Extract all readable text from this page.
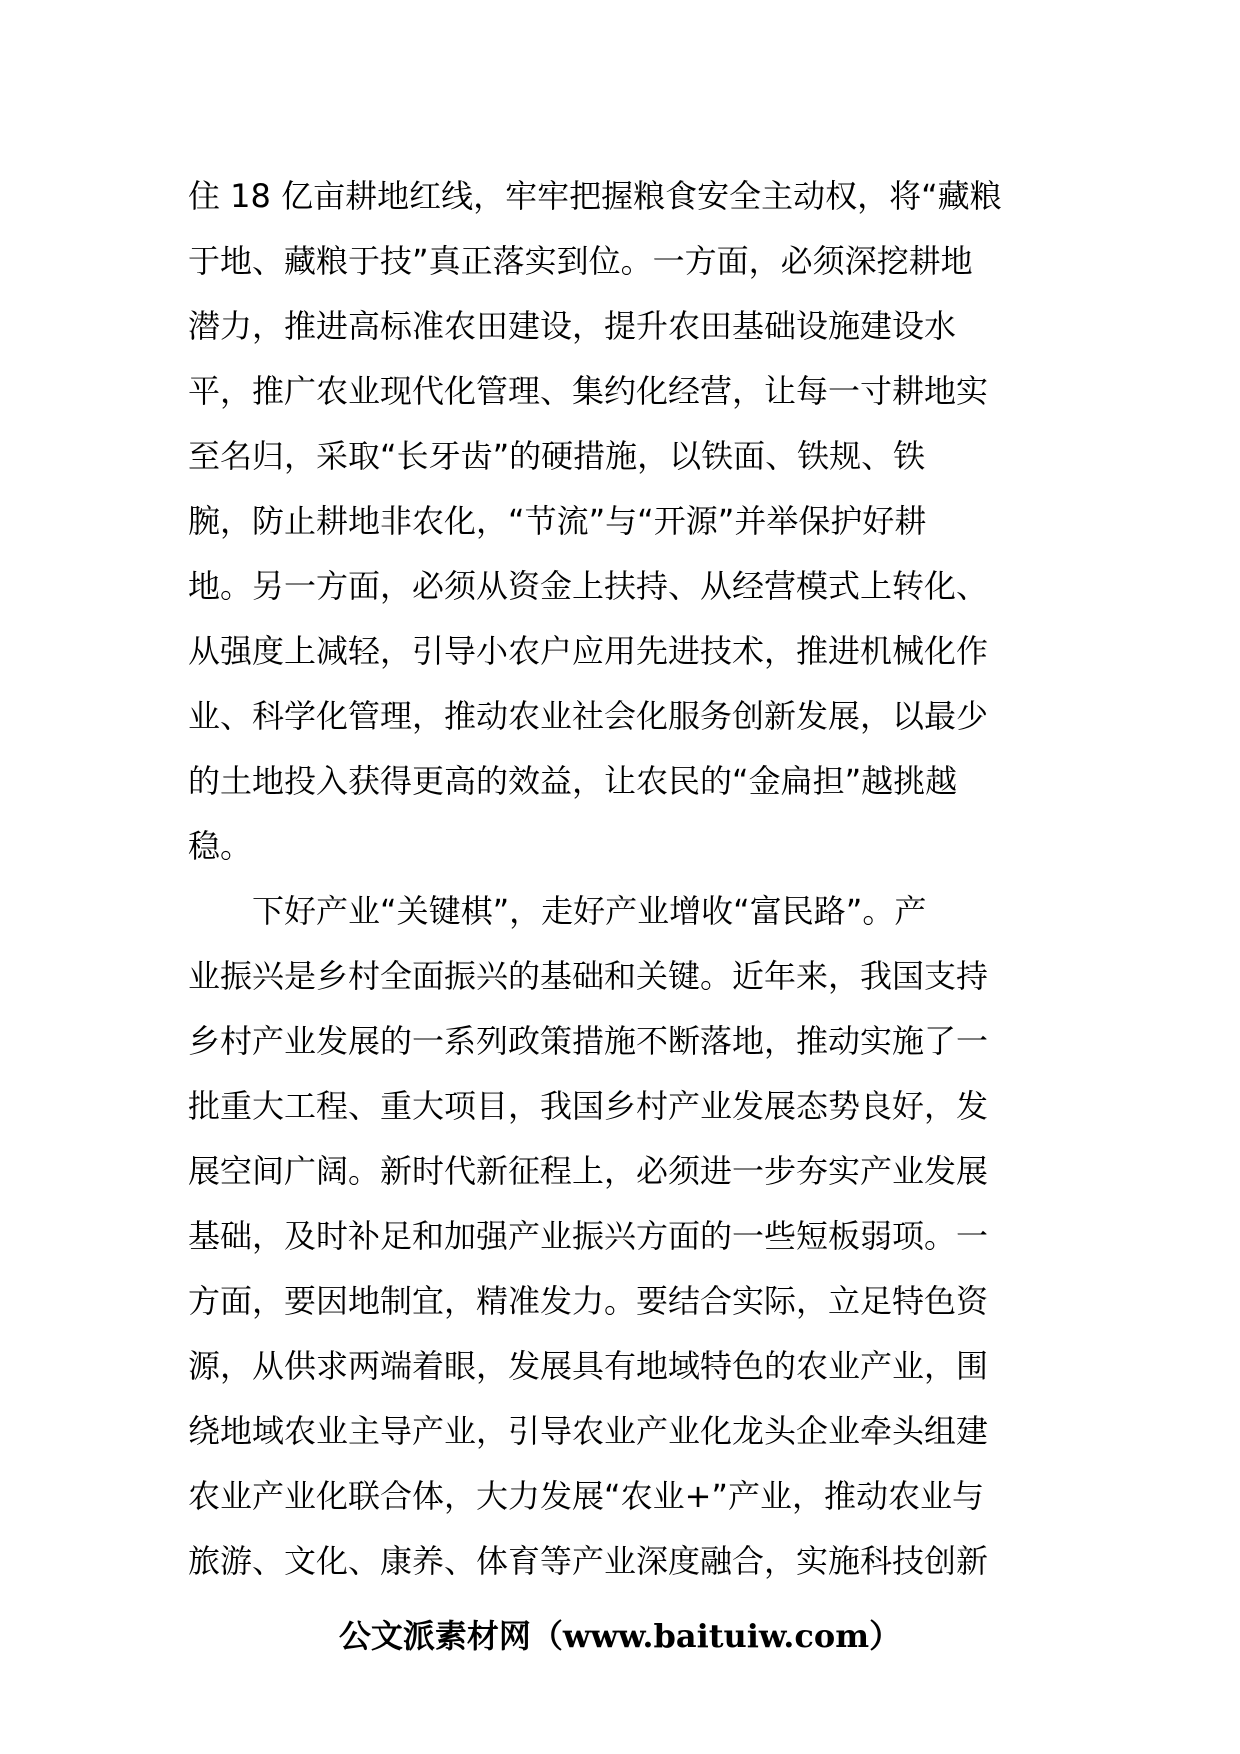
住 18 亿亩耕地红线，牢牢把握粮食安全主动权，将“藏粮
于地、藏粮于技”真正落实到位。一方面，必须深挖耕地
潜力，推进高标准农田建设，提升农田基础设施建设水
平，推广农业现代化管理、集约化经营，让每一寸耕地实
至名归，采取“长牙齿”的硬措施，以铁面、铁规、铁
腕，防止耕地非农化，“节流”与“开源”并举保护好耕
地。另一方面，必须从资金上扶持、从经营模式上转化、
从强度上减轻，引导小农户应用先进技术，推进机械化作
业、科学化管理，推动农业社会化服务创新发展，以最少
的土地投入获得更高的效益，让农民的“金扁担”越挑越
稳。
下好产业“关键棋”，走好产业增收“富民路”。产
业振兴是乡村全面振兴的基础和关键。近年来，我国支持
乡村产业发展的一系列政策措施不断落地，推动实施了一
批重大工程、重大项目，我国乡村产业发展态势良好，发
展空间广阔。新时代新征程上，必须进一步夯实产业发展
基础，及时补足和加强产业振兴方面的一些短板弱项。一
方面，要因地制宜，精准发力。要结合实际，立足特色资
源，从供求两端着眼，发展具有地域特色的农业产业，围
绕地域农业主导产业，引导农业产业化龙头企业牵头组建
农业产业化联合体，大力发展“农业+”产业，推动农业与
旅游、文化、康养、体育等产业深度融合，实施科技创新
公文派素材网（www.baituiw.com）
